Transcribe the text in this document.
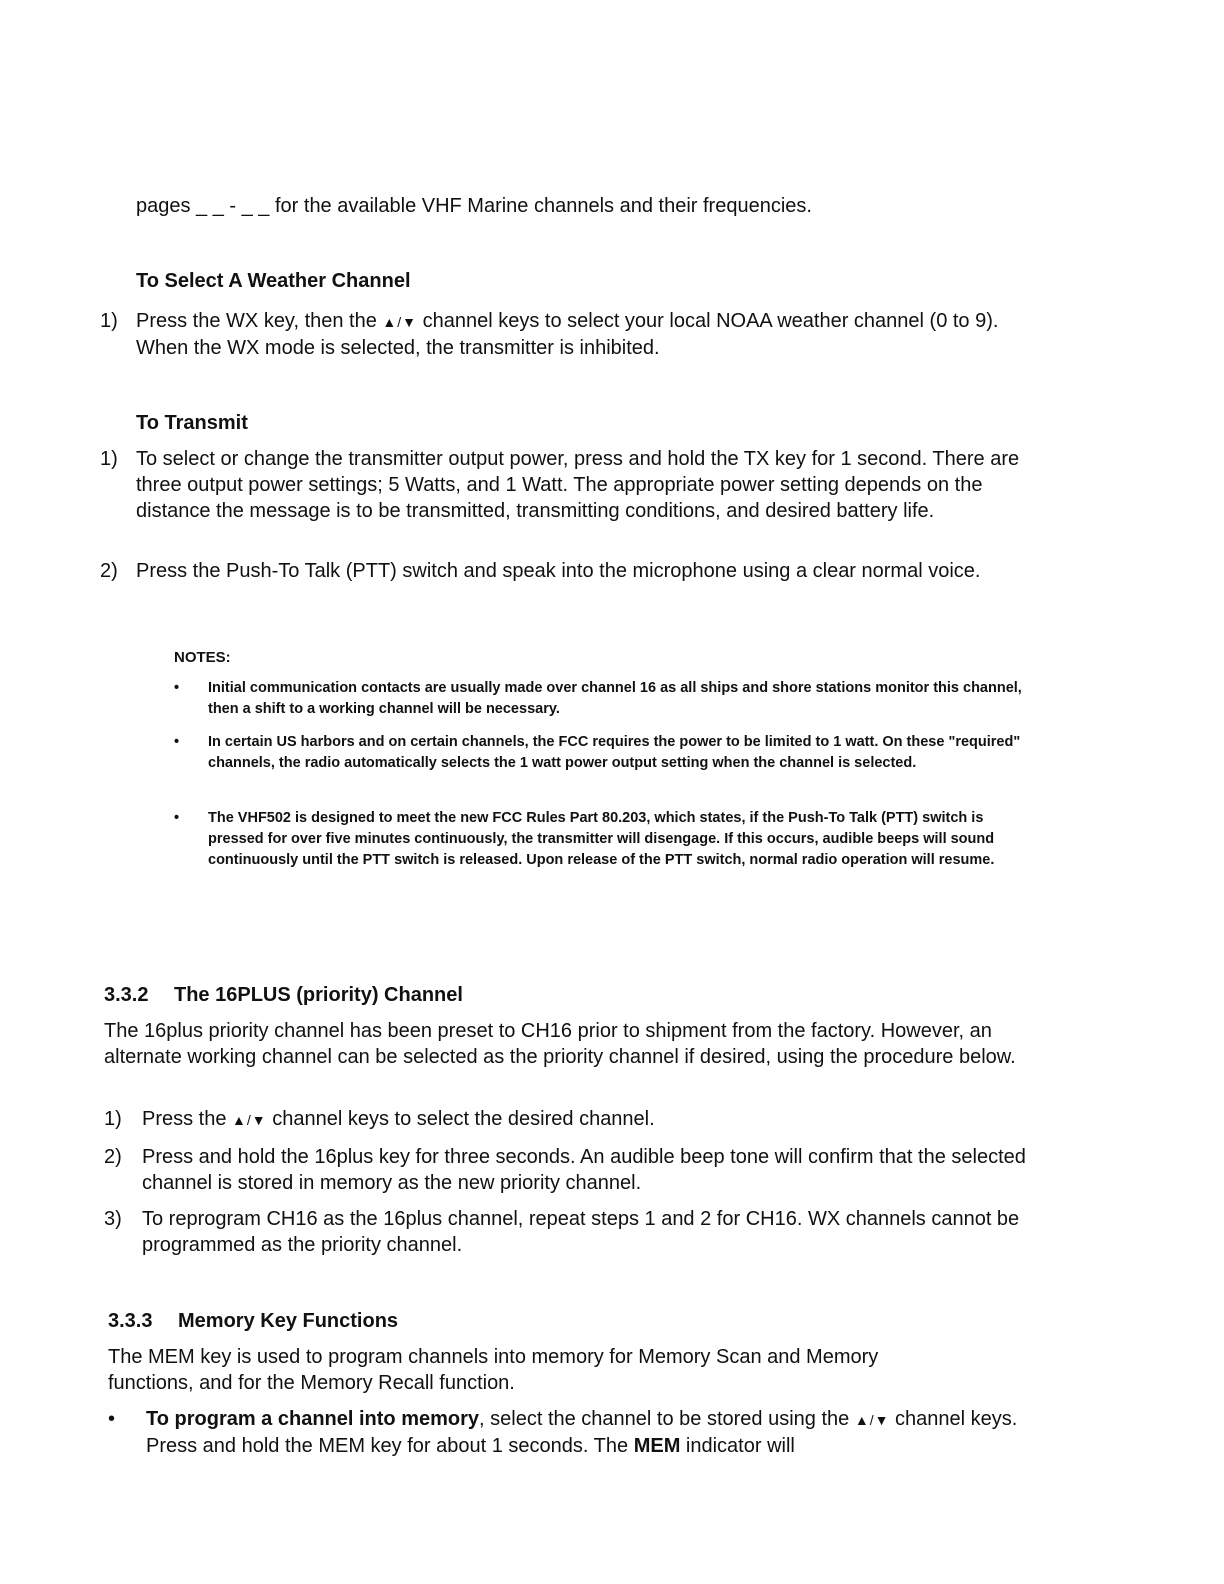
pages _ _ - _ _ for the available VHF Marine channels and their frequencies.
To Select A Weather Channel
1) Press the WX key, then the ▲/▼ channel keys to select your local NOAA weather channel (0 to 9). When the WX mode is selected, the transmitter is inhibited.
To Transmit
1) To select or change the transmitter output power, press and hold the TX key for 1 second. There are three output power settings; 5 Watts, and 1 Watt. The appropriate power setting depends on the distance the message is to be transmitted, transmitting conditions, and desired battery life.
2) Press the Push-To Talk (PTT) switch and speak into the microphone using a clear normal voice.
NOTES:
• Initial communication contacts are usually made over channel 16 as all ships and shore stations monitor this channel, then a shift to a working channel will be necessary.
• In certain US harbors and on certain channels, the FCC requires the power to be limited to 1 watt. On these "required" channels, the radio automatically selects the 1 watt power output setting when the channel is selected.
• The VHF502 is designed to meet the new FCC Rules Part 80.203, which states, if the Push-To Talk (PTT) switch is pressed for over five minutes continuously, the transmitter will disengage. If this occurs, audible beeps will sound continuously until the PTT switch is released. Upon release of the PTT switch, normal radio operation will resume.
3.3.2 The 16PLUS (priority) Channel
The 16plus priority channel has been preset to CH16 prior to shipment from the factory. However, an alternate working channel can be selected as the priority channel if desired, using the procedure below.
1) Press the ▲/▼ channel keys to select the desired channel.
2) Press and hold the 16plus key for three seconds. An audible beep tone will confirm that the selected channel is stored in memory as the new priority channel.
3) To reprogram CH16 as the 16plus channel, repeat steps 1 and 2 for CH16. WX channels cannot be programmed as the priority channel.
3.3.3 Memory Key Functions
The MEM key is used to program channels into memory for Memory Scan and Memory functions, and for the Memory Recall function.
• To program a channel into memory, select the channel to be stored using the ▲/▼ channel keys. Press and hold the MEM key for about 1 seconds. The MEM indicator will
